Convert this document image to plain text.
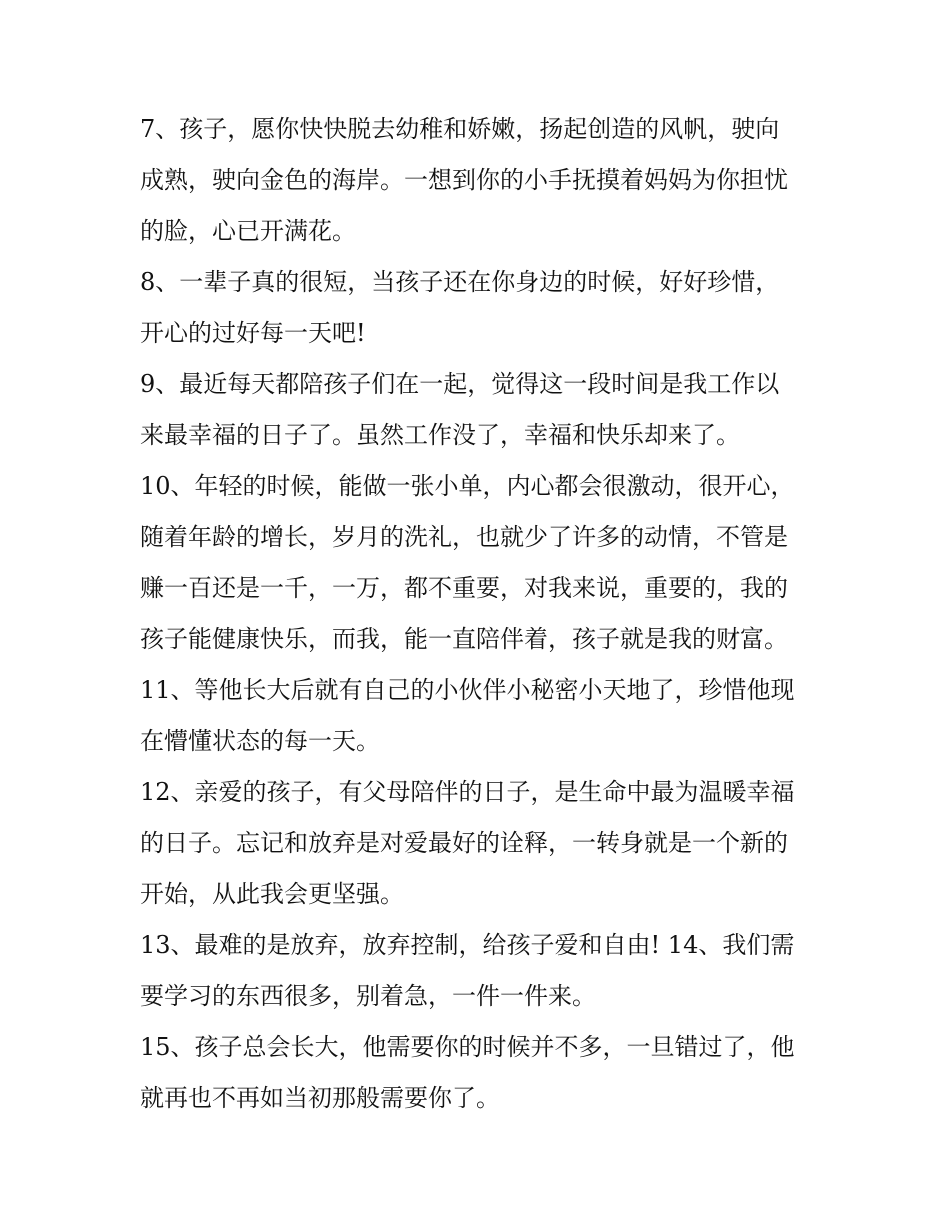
7、孩子，愿你快快脱去幼稚和娇嫩，扬起创造的风帆，驶向
成熟，驶向金色的海岸。一想到你的小手抚摸着妈妈为你担忧
的脸，心已开满花。
8、一辈子真的很短，当孩子还在你身边的时候，好好珍惜，
开心的过好每一天吧!
9、最近每天都陪孩子们在一起，觉得这一段时间是我工作以
来最幸福的日子了。虽然工作没了，幸福和快乐却来了。
10、年轻的时候，能做一张小单，内心都会很激动，很开心，
随着年龄的增长，岁月的洗礼，也就少了许多的动情，不管是
赚一百还是一千，一万，都不重要，对我来说，重要的，我的
孩子能健康快乐，而我，能一直陪伴着，孩子就是我的财富。
11、等他长大后就有自己的小伙伴小秘密小天地了，珍惜他现
在懵懂状态的每一天。
12、亲爱的孩子，有父母陪伴的日子，是生命中最为温暖幸福
的日子。忘记和放弃是对爱最好的诠释，一转身就是一个新的
开始，从此我会更坚强。
13、最难的是放弃，放弃控制，给孩子爱和自由! 14、我们需
要学习的东西很多，别着急，一件一件来。
15、孩子总会长大，他需要你的时候并不多，一旦错过了，他
就再也不再如当初那般需要你了。
